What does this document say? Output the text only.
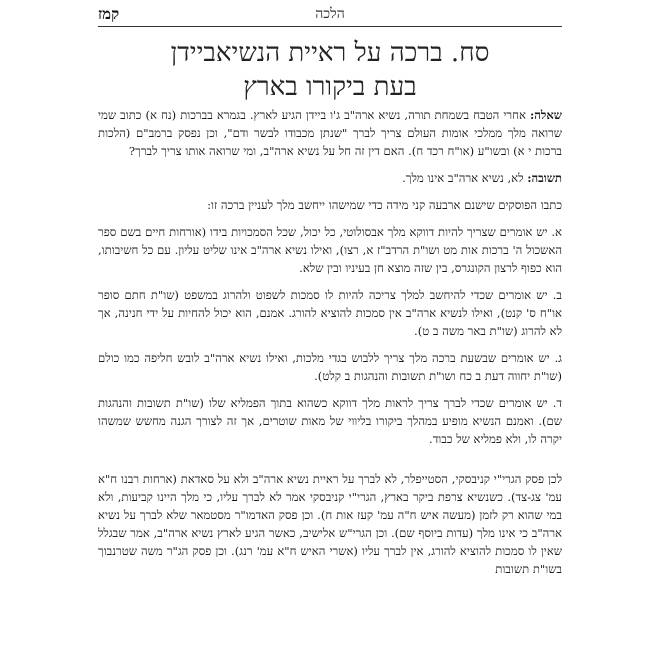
הלכה
קמז
סח. ברכה על ראיית הנשיאביידן
בעת ביקורו בארץ

שאלה: אחרי הטבח בשמחת תורה, נשיא ארה"ב ג'ו ביידן הגיע לארץ. בגמרא בברכות (נח א) כתוב שמי שרואה מלך ממלכי אומות העולם צריך לברך "שנתן מכבודו לבשר ודם", וכן נפסק ברמב"ם (הלכות ברכות י א) ובשו"ע (או"ח רכד ח). האם דין זה חל על נשיא ארה"ב, ומי שרואה אותו צריך לברך?

תשובה: לא, נשיא ארה"ב אינו מלך.

כתבו הפוסקים שישנם ארבעה קני מידה כדי שמישהו ייחשב מלך לעניין ברכה זו:

א. יש אומרים שצריך להיות דווקא מלך אבסולוטי, כל יכול, שכל הסמכויות בידו (אורחות חיים בשם ספר האשכול ה' ברכות אות מט ושו"ת הרדב"ז א, רצו), ואילו נשיא ארה"ב אינו שליט עליון. עם כל חשיבותו, הוא כפוף לרצון הקונגרס, בין שזה מוצא חן בעיניו ובין שלא.

ב. יש אומרים שכדי להיחשב למלך צריכה להיות לו סמכות לשפוט ולהרוג במשפט (שו"ת חתם סופר או"ח ס' קנט), ואילו לנשיא ארה"ב אין סמכות להוציא להורג. אמנם, הוא יכול להחיות על ידי חנינה, אך לא להרוג (שו"ת באר משה ב ט).

ג. יש אומרים שבשעת ברכה מלך צריך ללבוש בגדי מלכות, ואילו נשיא ארה"ב לובש חליפה כמו כולם (שו"ת יחווה דעת ב כח ושו"ת תשובות והנהגות ב קלט).

ד. יש אומרים שכדי לברך צריך לראות מלך דווקא כשהוא בתוך הפמליא שלו (שו"ת תשובות והנהגות שם). ואמנם הנשיא מופיע במהלך ביקורו בליווי של מאות שוטרים, אך זה לצורך הגנה מחשש שמשהו יקרה לו, ולא פמליא של כבוד.

לכן פסק הגרי"י קניבסקי, הסטייפלר, לא לברך על ראיית נשיא ארה"ב ולא על סאדאת (ארחות רבנו ח"א עמ' צג-צד). כשנשיא צרפת ביקר בארץ, הגרי"י קניבסקי אמר לא לברך עליו, כי מלך היינו קביעות, ולא במי שהוא רק לזמן (מעשה איש ח"ה עמ' קעז אות ח). וכן פסק האדמו"ר מסטמאר שלא לברך על נשיא ארה"ב כי אינו מלך (עדות ביוסף שם). וכן הגרי"ש אלישיב, כאשר הגיע לארץ נשיא ארה"ב, אמר שבגלל שאין לו סמכות להוציא להורג, אין לברך עליו (אשרי האיש ח"א עמ' רנג). וכן פסק הג"ר משה שטרנבוך בשו"ת תשובות
